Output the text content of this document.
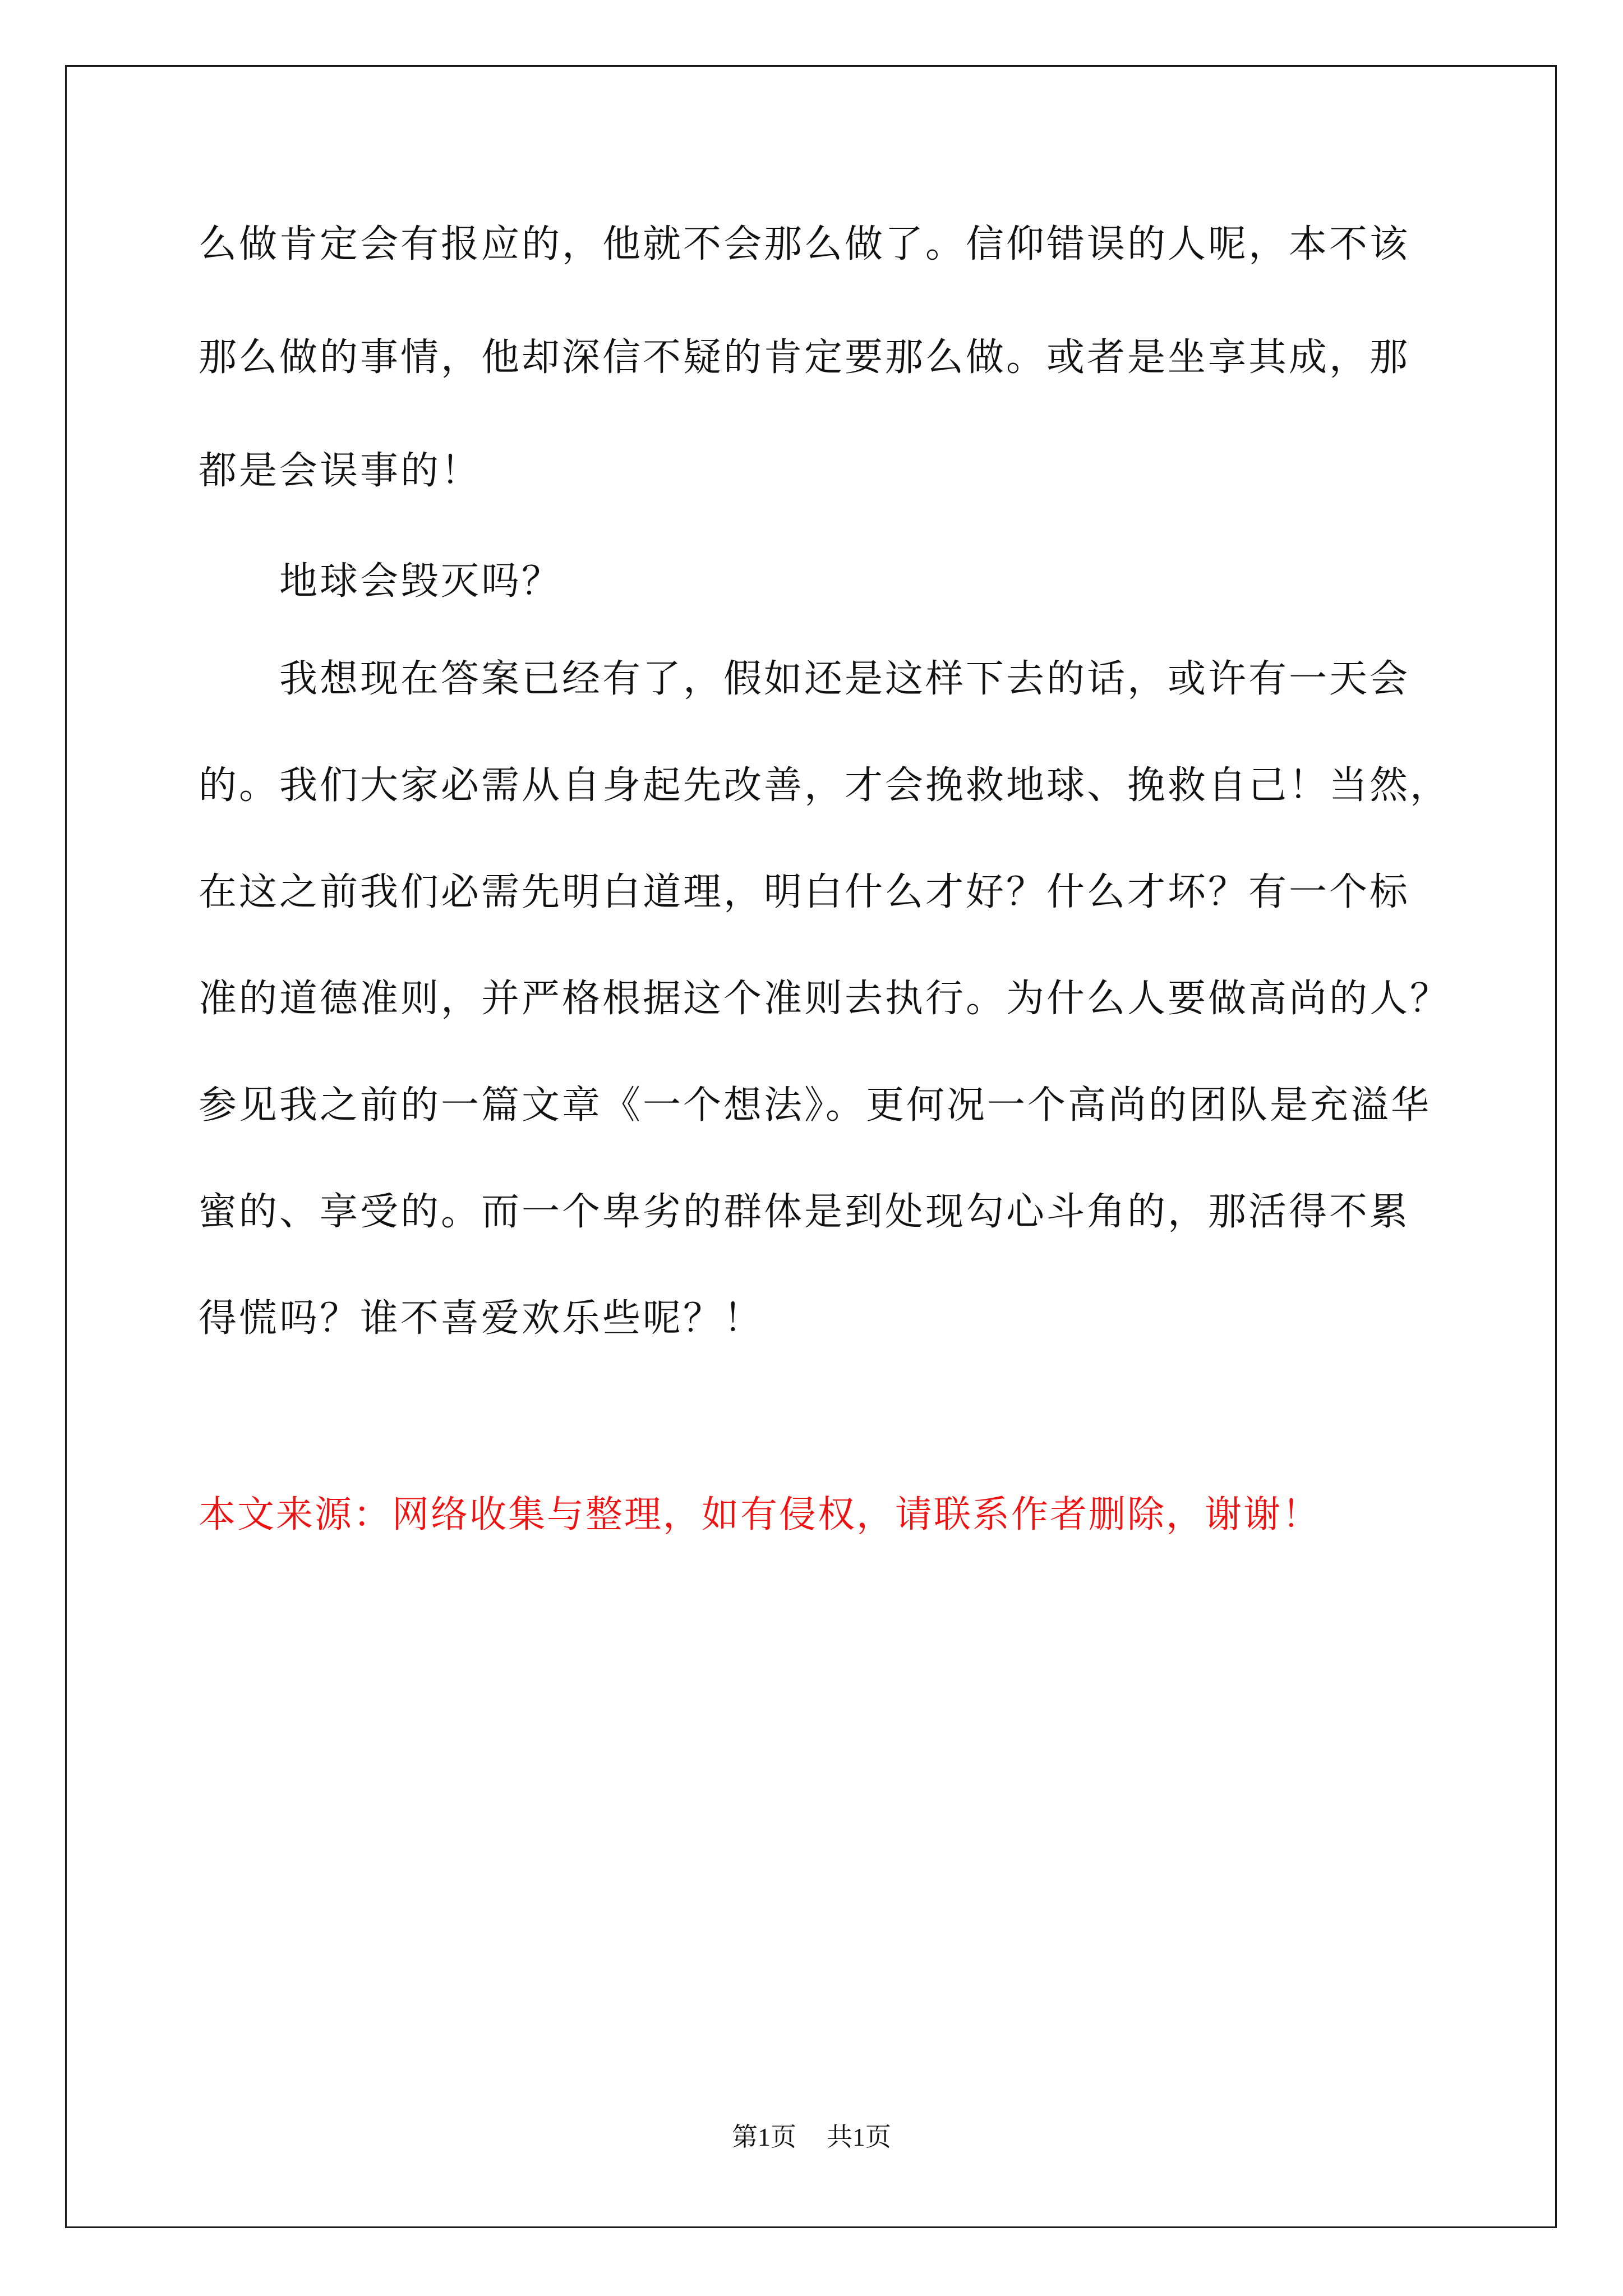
么做肯定会有报应的，他就不会那么做了。信仰错误的人呢，本不该
那么做的事情，他却深信不疑的肯定要那么做。或者是坐享其成，那
都是会误事的！
地球会毁灭吗？
我想现在答案已经有了，假如还是这样下去的话，或许有一天会
的。我们大家必需从自身起先改善，才会挽救地球、挽救自己！当然，
在这之前我们必需先明白道理，明白什么才好？什么才坏？有一个标
准的道德准则，并严格根据这个准则去执行。为什么人要做高尚的人？
参见我之前的一篇文章《一个想法》。更何况一个高尚的团队是充溢华
蜜的、享受的。而一个卑劣的群体是到处现勾心斗角的，那活得不累
得慌吗？谁不喜爱欢乐些呢？！
本文来源：网络收集与整理，如有侵权，请联系作者删除，谢谢！
第1页 共1页
